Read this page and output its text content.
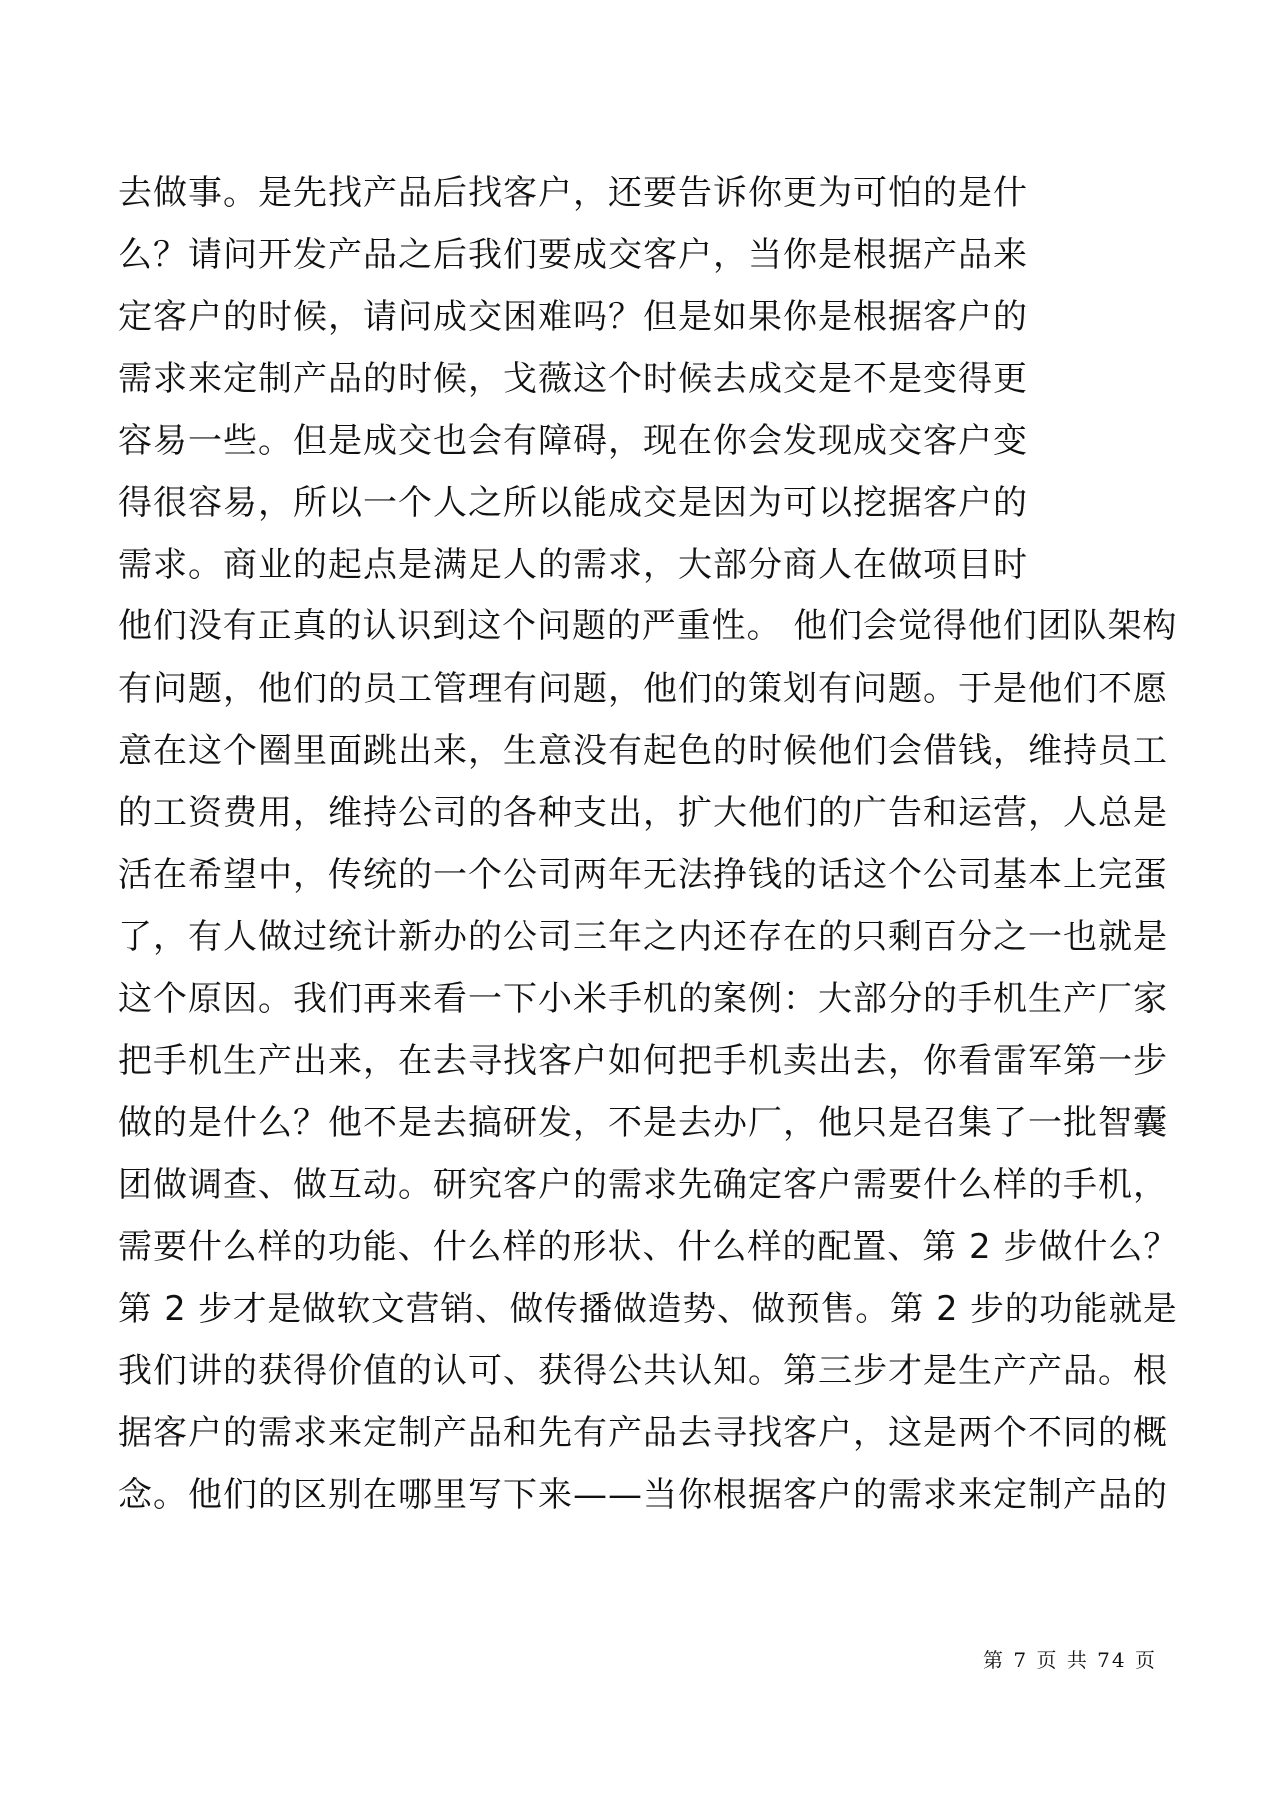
去做事。是先找产品后找客户，还要告诉你更为可怕的是什
么？请问开发产品之后我们要成交客户，当你是根据产品来
定客户的时候，请问成交困难吗？但是如果你是根据客户的
需求来定制产品的时候，戈薇这个时候去成交是不是变得更
容易一些。但是成交也会有障碍，现在你会发现成交客户变
得很容易，所以一个人之所以能成交是因为可以挖据客户的
需求。商业的起点是满足人的需求，大部分商人在做项目时
他们没有正真的认识到这个问题的严重性。 他们会觉得他们团队架构
有问题，他们的员工管理有问题，他们的策划有问题。于是他们不愿
意在这个圈里面跳出来，生意没有起色的时候他们会借钱，维持员工
的工资费用，维持公司的各种支出，扩大他们的广告和运营，人总是
活在希望中，传统的一个公司两年无法挣钱的话这个公司基本上完蛋
了，有人做过统计新办的公司三年之内还存在的只剩百分之一也就是
这个原因。我们再来看一下小米手机的案例：大部分的手机生产厂家
把手机生产出来，在去寻找客户如何把手机卖出去，你看雷军第一步
做的是什么？他不是去搞研发，不是去办厂，他只是召集了一批智囊
团做调查、做互动。研究客户的需求先确定客户需要什么样的手机，
需要什么样的功能、什么样的形状、什么样的配置、第 2 步做什么？
第 2 步才是做软文营销、做传播做造势、做预售。第 2 步的功能就是
我们讲的获得价值的认可、获得公共认知。第三步才是生产产品。根
据客户的需求来定制产品和先有产品去寻找客户，这是两个不同的概
念。他们的区别在哪里写下来——当你根据客户的需求来定制产品的
第 7 页 共 74 页
